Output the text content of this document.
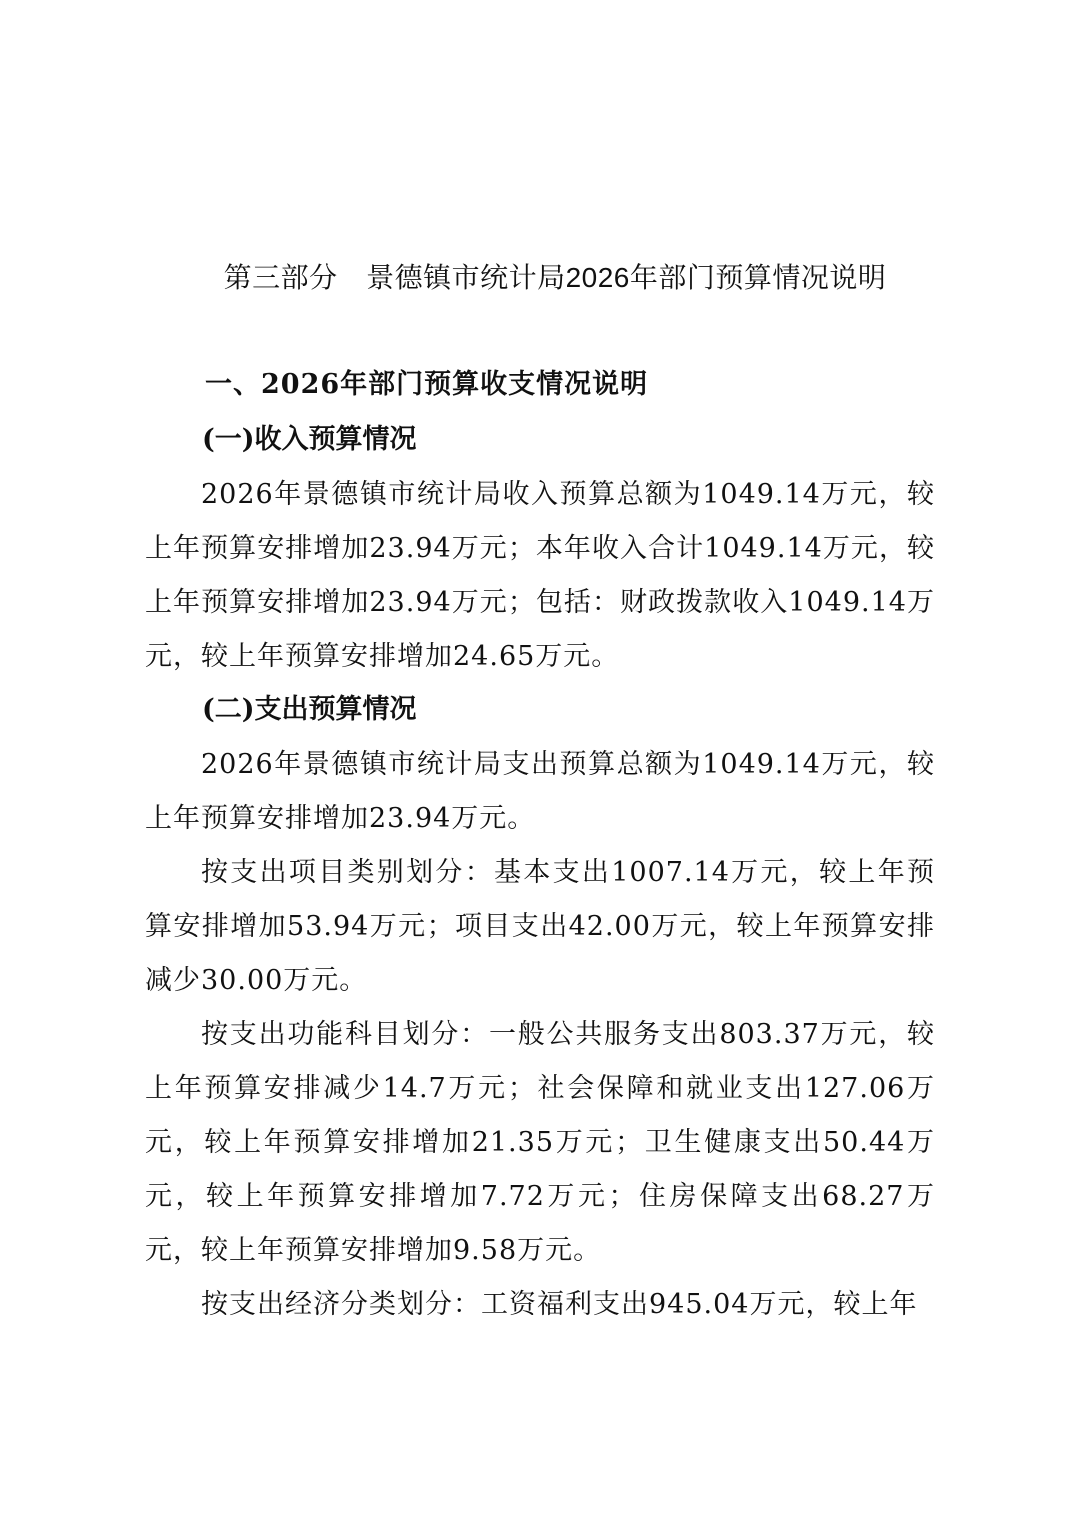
第三部分　景德镇市统计局2026年部门预算情况说明
一、2026年部门预算收支情况说明
(一)收入预算情况
2026年景德镇市统计局收入预算总额为1049.14万元，较上年预算安排增加23.94万元；本年收入合计1049.14万元，较上年预算安排增加23.94万元；包括：财政拨款收入1049.14万元，较上年预算安排增加24.65万元。
(二)支出预算情况
2026年景德镇市统计局支出预算总额为1049.14万元，较上年预算安排增加23.94万元。
按支出项目类别划分：基本支出1007.14万元，较上年预算安排增加53.94万元；项目支出42.00万元，较上年预算安排减少30.00万元。
按支出功能科目划分：一般公共服务支出803.37万元，较上年预算安排减少14.7万元；社会保障和就业支出127.06万元，较上年预算安排增加21.35万元；卫生健康支出50.44万元，较上年预算安排增加7.72万元；住房保障支出68.27万元，较上年预算安排增加9.58万元。
按支出经济分类划分：工资福利支出945.04万元，较上年
